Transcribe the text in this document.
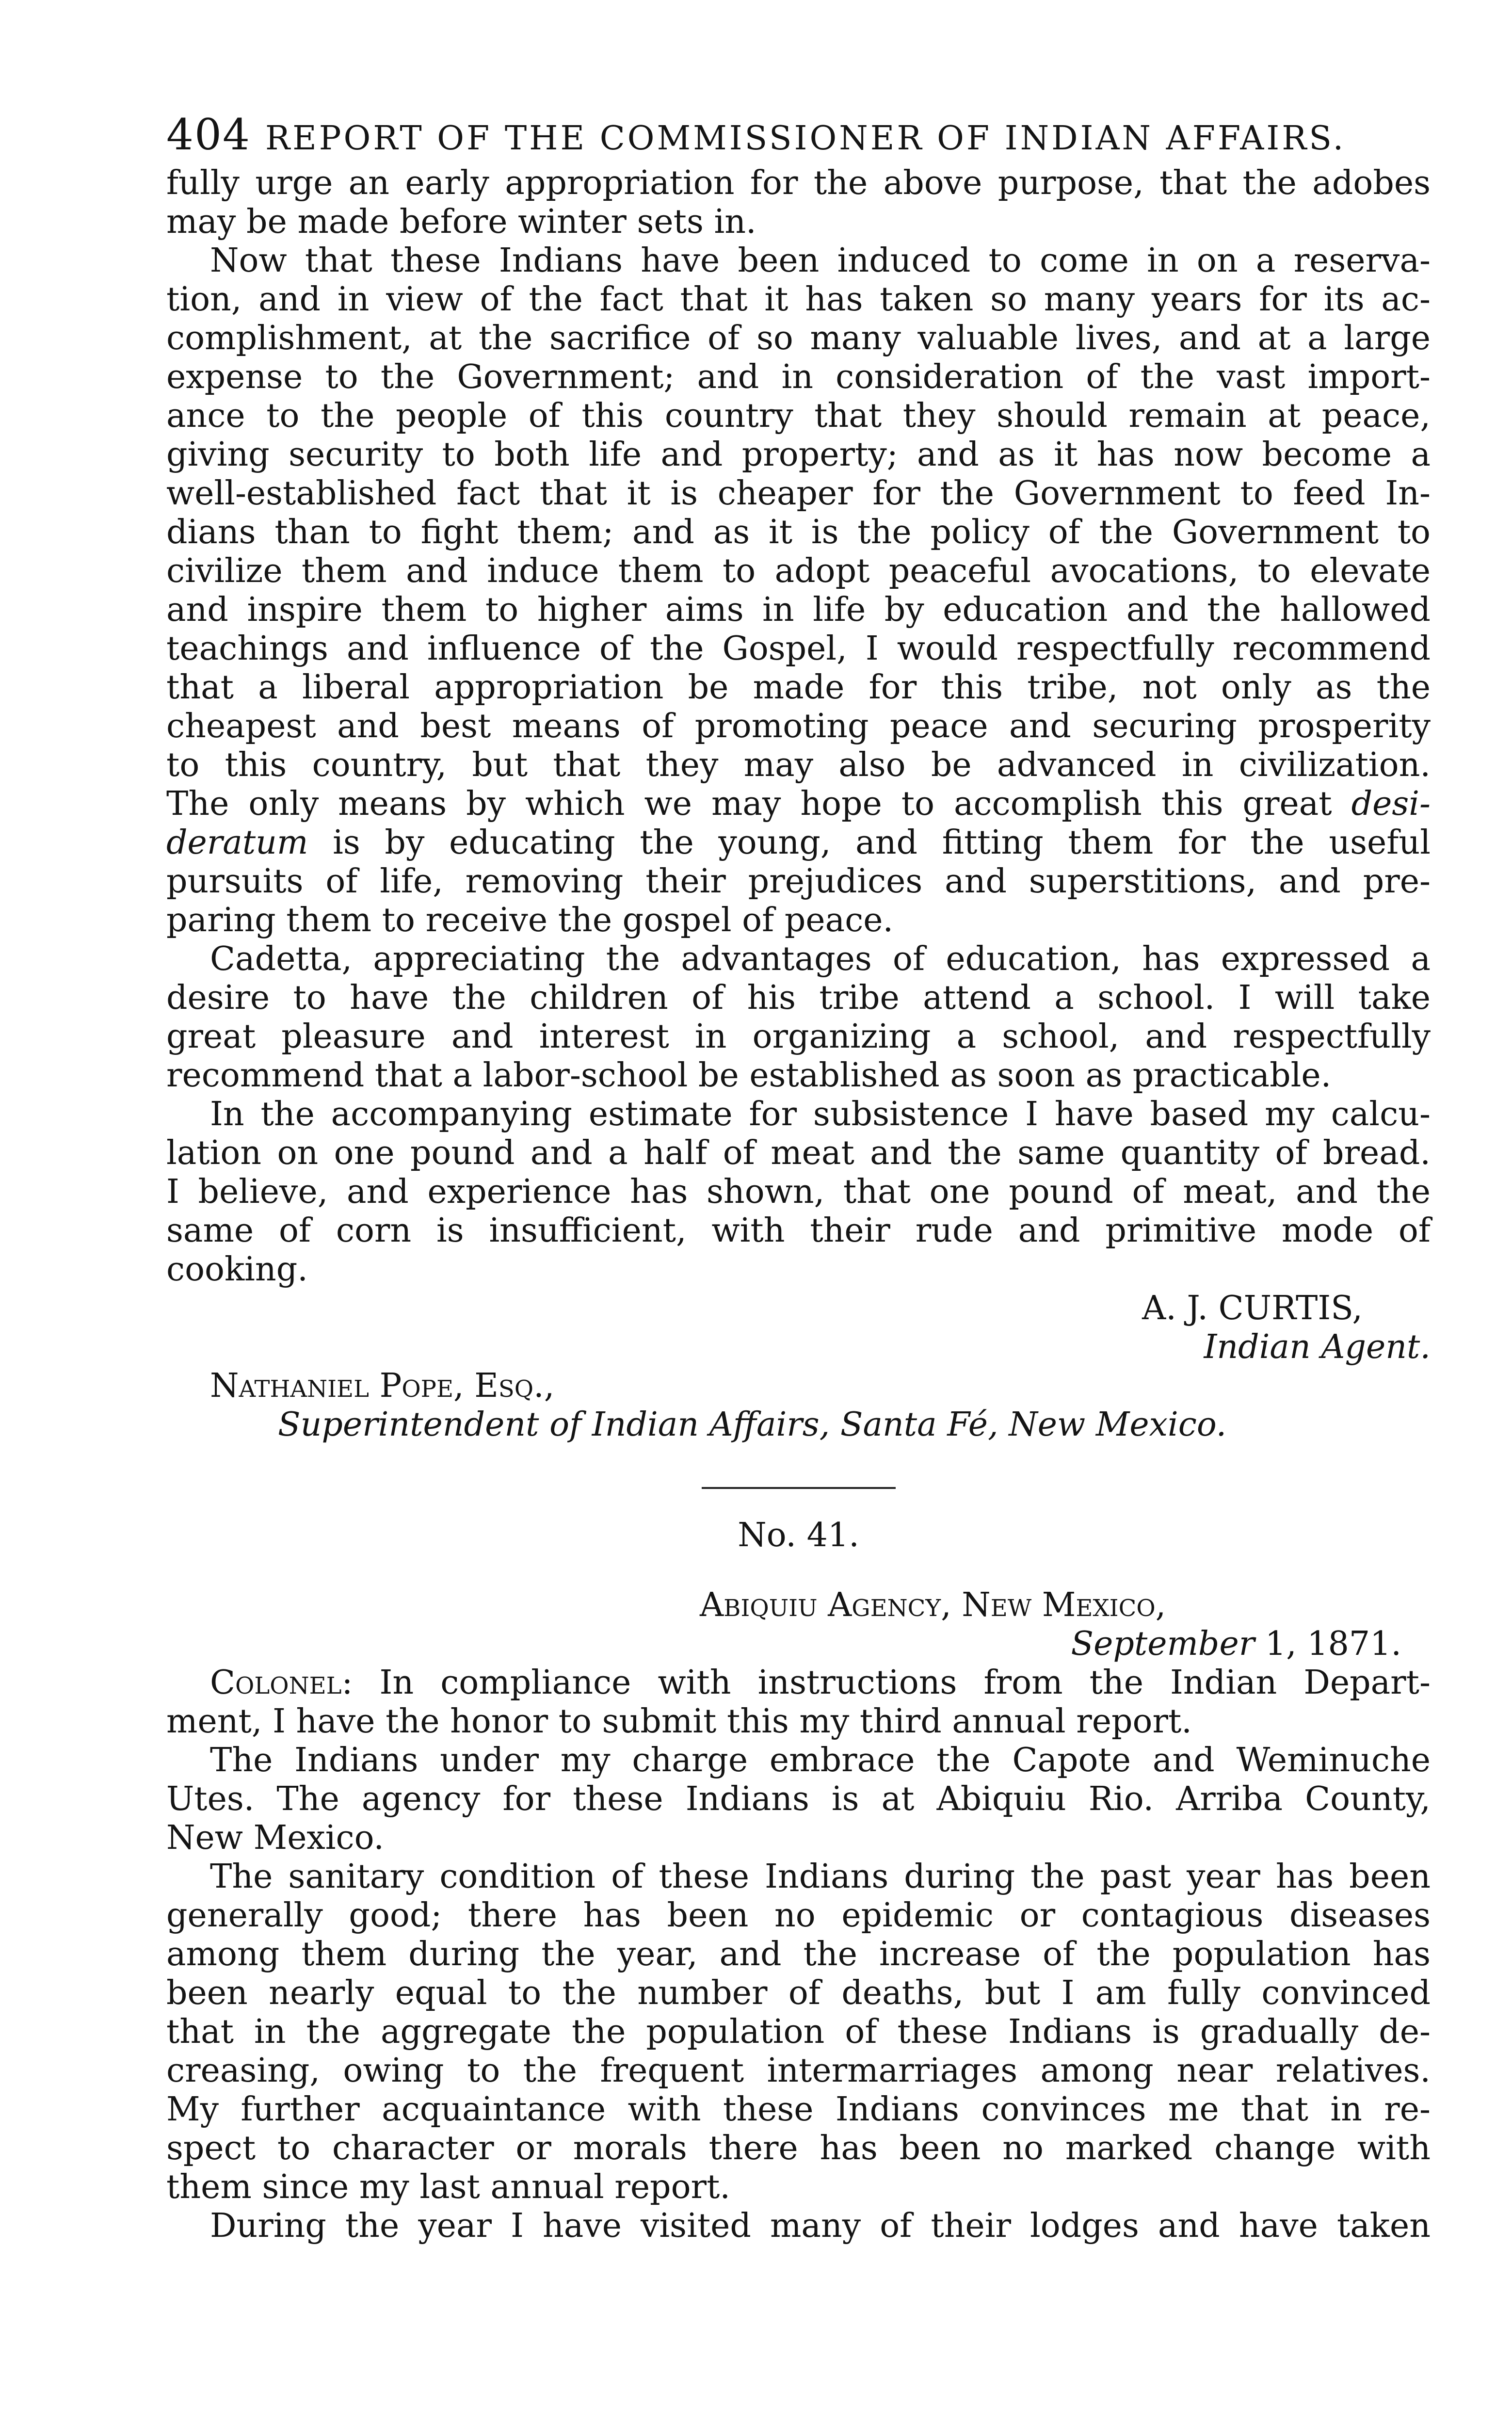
404 REPORT OF THE COMMISSIONER OF INDIAN AFFAIRS.
fully urge an early appropriation for the above purpose, that the adobes
may be made before winter sets in.
Now that these Indians have been induced to come in on a reserva-
tion, and in view of the fact that it has taken so many years for its ac-
complishment, at the sacrifice of so many valuable lives, and at a large
expense to the Government; and in consideration of the vast import-
ance to the people of this country that they should remain at peace,
giving security to both life and property; and as it has now become a
well-established fact that it is cheaper for the Government to feed In-
dians than to fight them; and as it is the policy of the Government to
civilize them and induce them to adopt peaceful avocations, to elevate
and inspire them to higher aims in life by education and the hallowed
teachings and influence of the Gospel, I would respectfully recommend
that a liberal appropriation be made for this tribe, not only as the
cheapest and best means of promoting peace and securing prosperity
to this country, but that they may also be advanced in civilization.
The only means by which we may hope to accomplish this great desi-
deratum is by educating the young, and fitting them for the useful
pursuits of life, removing their prejudices and superstitions, and pre-
paring them to receive the gospel of peace.
Cadetta, appreciating the advantages of education, has expressed a
desire to have the children of his tribe attend a school. I will take
great pleasure and interest in organizing a school, and respectfully
recommend that a labor-school be established as soon as practicable.
In the accompanying estimate for subsistence I have based my calcu-
lation on one pound and a half of meat and the same quantity of bread.
I believe, and experience has shown, that one pound of meat, and the
same of corn is insufficient, with their rude and primitive mode of
cooking.
A. J. CURTIS,
Indian Agent.
Nathaniel Pope, Esq.,
Superintendent of Indian Affairs, Santa Fé, New Mexico.
No. 41.
Abiquiu Agency, New Mexico,
September 1, 1871.
Colonel: In compliance with instructions from the Indian Depart-
ment, I have the honor to submit this my third annual report.
The Indians under my charge embrace the Capote and Weminuche
Utes. The agency for these Indians is at Abiquiu Rio. Arriba County,
New Mexico.
The sanitary condition of these Indians during the past year has been
generally good; there has been no epidemic or contagious diseases
among them during the year, and the increase of the population has
been nearly equal to the number of deaths, but I am fully convinced
that in the aggregate the population of these Indians is gradually de-
creasing, owing to the frequent intermarriages among near relatives.
My further acquaintance with these Indians convinces me that in re-
spect to character or morals there has been no marked change with
them since my last annual report.
During the year I have visited many of their lodges and have taken
